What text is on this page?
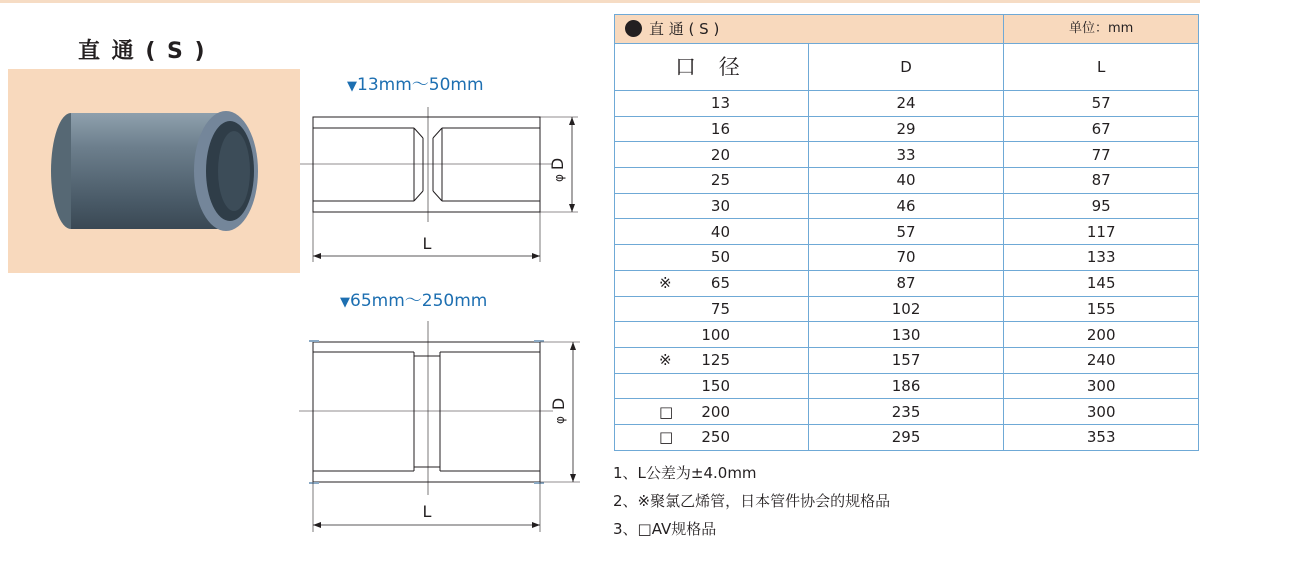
直 通 ( S )
▼13mm～50mm
▼65mm～250mm
L
D
φ
L
D
φ
直 通 ( S )		单位：mm
口 径	D	L
13	24	57
16	29	67
20	33	77
25	40	87
30	46	95
40	57	117
50	70	133
※ 65	87	145
75	102	155
100	130	200
※ 125	157	240
150	186	300
□ 200	235	300
□ 250	295	353
1、L公差为±4.0mm
2、※聚氯乙烯管，日本管件协会的规格品
3、□AV规格品
